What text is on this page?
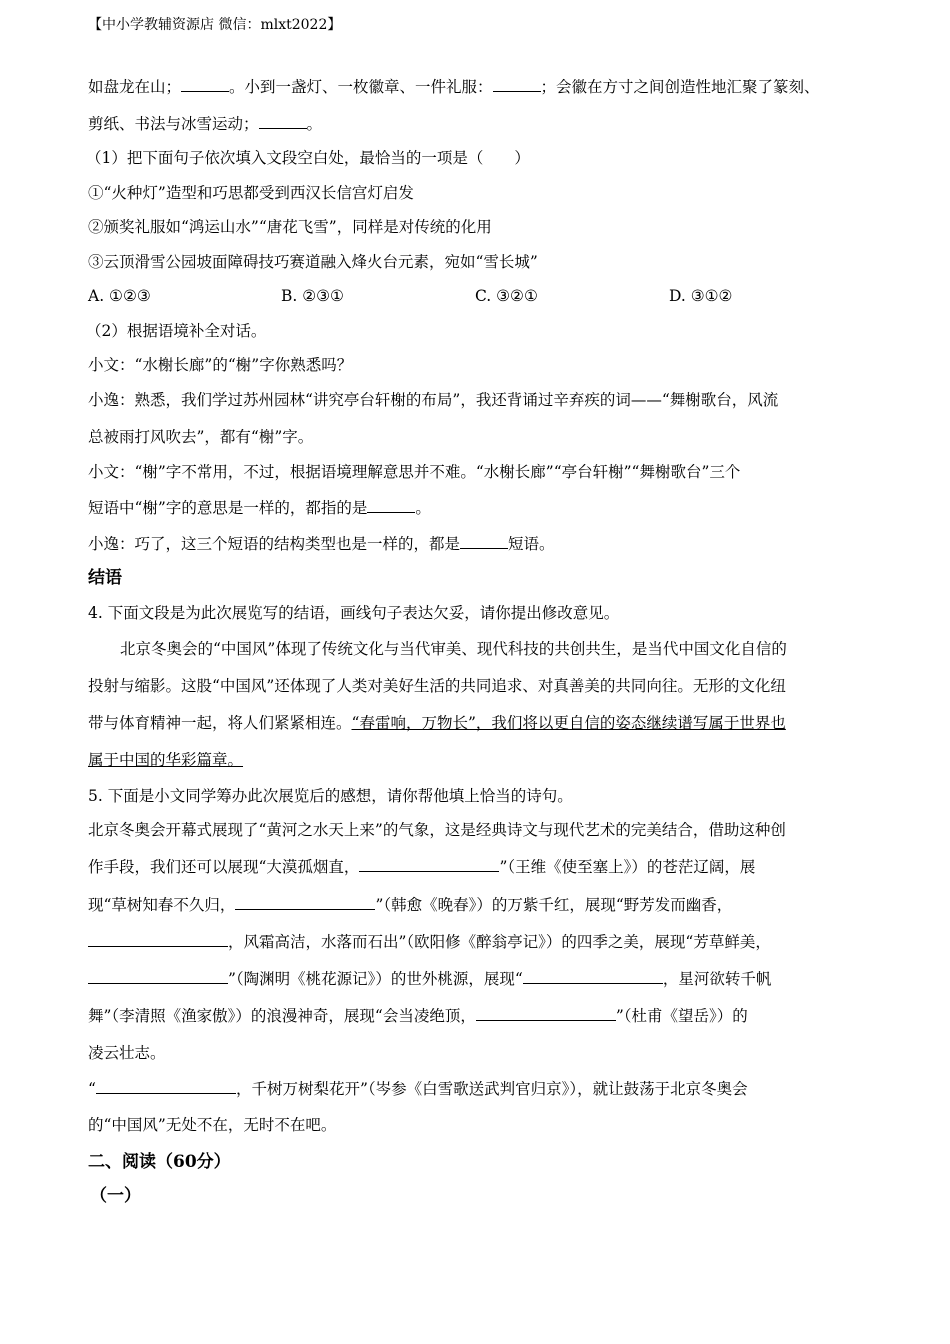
【中小学教辅资源店 微信：mlxt2022】
如盘龙在山；	。小到一盏灯、一枚徽章、一件礼服：	；会徽在方寸之间创造性地汇聚了篆刻、
剪纸、书法与冰雪运动；	。
（1）把下面句子依次填入文段空白处，最恰当的一项是（　　）
①“火种灯”造型和巧思都受到西汉长信宫灯启发
②颁奖礼服如“鸿运山水”“唐花飞雪”，同样是对传统的化用
③云顶滑雪公园坡面障碍技巧赛道融入烽火台元素，宛如“雪长城”
A. ①②③	B. ②③①	C. ③②①	D. ③①②
（2）根据语境补全对话。
小文：“水榭长廊”的“榭”字你熟悉吗？
小逸：熟悉，我们学过苏州园林“讲究亭台轩榭的布局”，我还背诵过辛弃疾的词——“舞榭歌台，风流
总被雨打风吹去”，都有“榭”字。
小文：“榭”字不常用，不过，根据语境理解意思并不难。“水榭长廊”“亭台轩榭”“舞榭歌台”三个
短语中“榭”字的意思是一样的，都指的是	。
小逸：巧了，这三个短语的结构类型也是一样的，都是	短语。
结语
4. 下面文段是为此次展览写的结语，画线句子表达欠妥，请你提出修改意见。
北京冬奥会的“中国风”体现了传统文化与当代审美、现代科技的共创共生，是当代中国文化自信的
投射与缩影。这股“中国风”还体现了人类对美好生活的共同追求、对真善美的共同向往。无形的文化纽
带与体育精神一起，将人们紧紧相连。“春雷响，万物长”，我们将以更自信的姿态继续谱写属于世界也
属于中国的华彩篇章。
5. 下面是小文同学筹办此次展览后的感想，请你帮他填上恰当的诗句。
北京冬奥会开幕式展现了“黄河之水天上来”的气象，这是经典诗文与现代艺术的完美结合，借助这种创
作手段，我们还可以展现“大漠孤烟直，	”（王维《使至塞上》）的苍茫辽阔，展
现“草树知春不久归，	”（韩愈《晚春》）的万紫千红，展现“野芳发而幽香，
，风霜高洁，水落而石出”（欧阳修《醉翁亭记》）的四季之美，展现“芳草鲜美，
”（陶渊明《桃花源记》）的世外桃源，展现“	，星河欲转千帆
舞”（李清照《渔家傲》）的浪漫神奇，展现“会当凌绝顶，	”（杜甫《望岳》）的
凌云壮志。
“	，千树万树梨花开”（岑参《白雪歌送武判官归京》），就让鼓荡于北京冬奥会
的“中国风”无处不在，无时不在吧。
二、阅读（60分）
（一）
